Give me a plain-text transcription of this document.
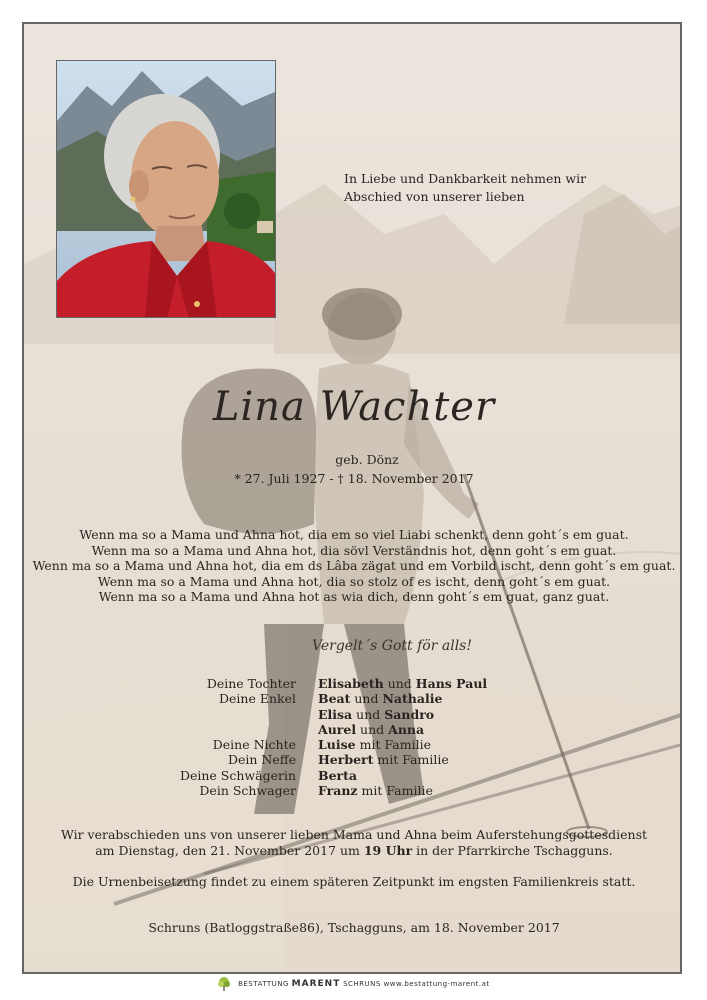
In Liebe und Dankbarkeit nehmen wir
Abschied von unserer lieben
Lina Wachter
geb. Dönz
* 27. Juli 1927 - † 18. November 2017
Wenn ma so a Mama und Ahna hot, dia em so viel Liabi schenkt, denn goht´s em guat.
Wenn ma so a Mama und Ahna hot, dia sövl Verständnis hot, denn goht´s em guat.
Wenn ma so a Mama und Ahna hot, dia em ds Lâba zägat und em Vorbild ischt, denn goht´s em guat.
Wenn ma so a Mama und Ahna hot, dia so stolz of es ischt, denn goht´s em guat.
Wenn ma so a Mama und Ahna hot as wia dich, denn goht´s em guat, ganz guat.
Vergelt´s Gott för alls!
Deine Tochter Elisabeth und Hans Paul
Deine Enkel Beat und Nathalie
Elisa und Sandro
Aurel und Anna
Deine Nichte Luise mit Familie
Dein Neffe Herbert mit Familie
Deine Schwägerin Berta
Dein Schwager Franz mit Familie
Wir verabschieden uns von unserer lieben Mama und Ahna beim Auferstehungsgottesdienst
am Dienstag, den 21. November 2017 um 19 Uhr in der Pfarrkirche Tschagguns.
Die Urnenbeisetzung findet zu einem späteren Zeitpunkt im engsten Familienkreis statt.
Schruns (Batloggstraße86), Tschagguns, am 18. November 2017
BESTATTUNG MARENT SCHRUNS www.bestattung-marent.at
